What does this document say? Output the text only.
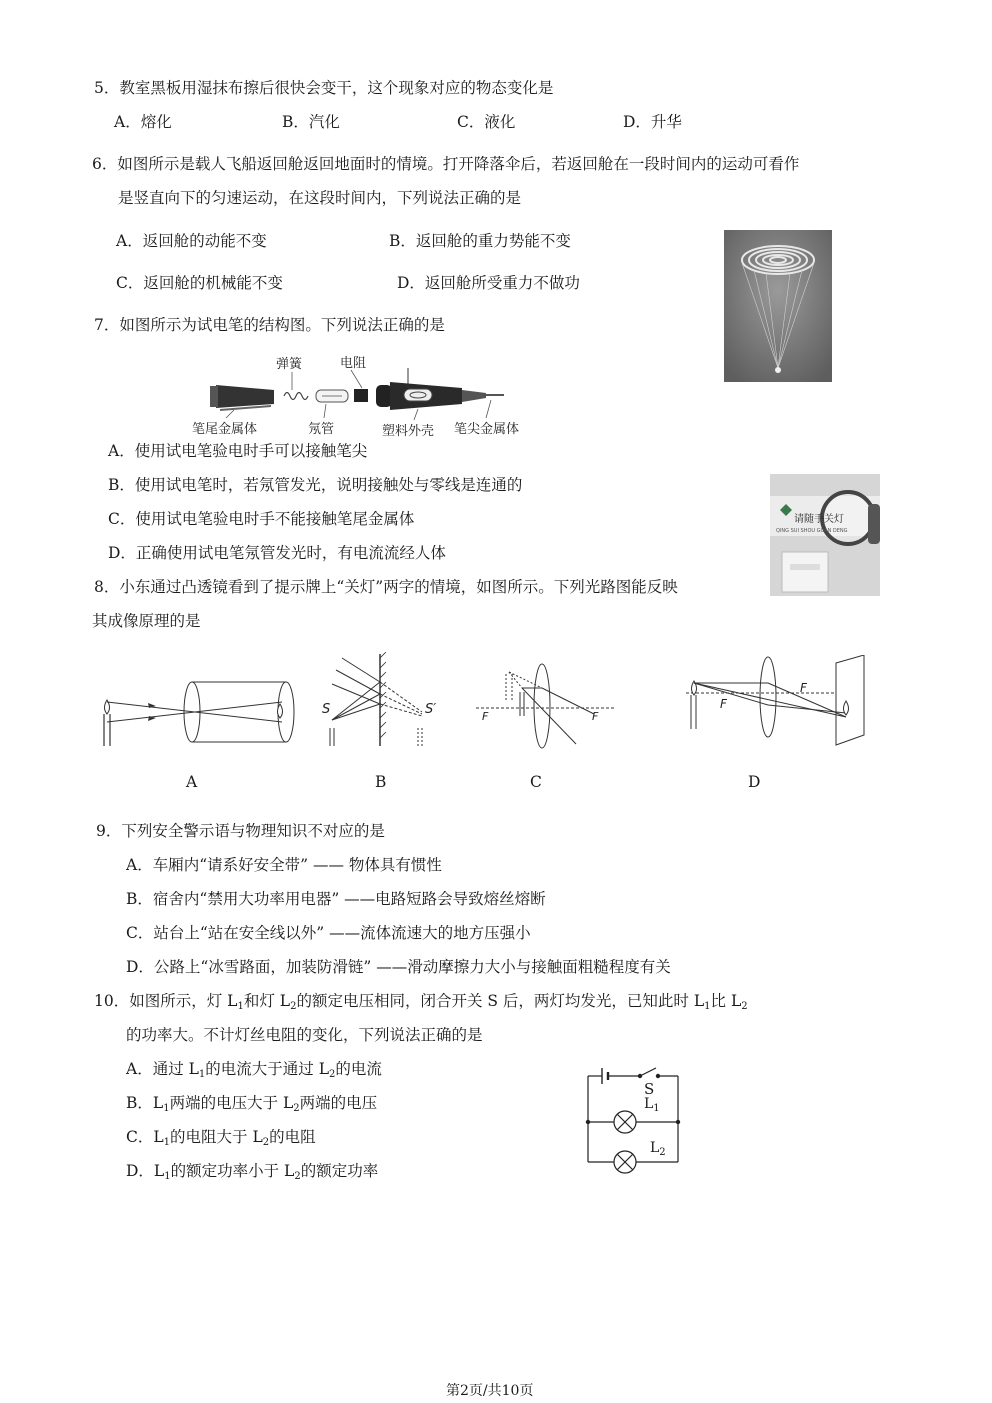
5．教室黑板用湿抹布擦后很快会变干，这个现象对应的物态变化是
A．熔化	B．汽化	C．液化	D．升华
6．如图所示是载人飞船返回舱返回地面时的情境。打开降落伞后，若返回舱在一段时间内的运动可看作
是竖直向下的匀速运动，在这段时间内，下列说法正确的是
A．返回舱的动能不变	B．返回舱的重力势能不变
C．返回舱的机械能不变	D．返回舱所受重力不做功
7．如图所示为试电笔的结构图。下列说法正确的是
弹簧	电阻
笔尾金属体	氖管	塑料外壳 笔尖金属体
A．使用试电笔验电时手可以接触笔尖
B．使用试电笔时，若氖管发光，说明接触处与零线是连通的
C．使用试电笔验电时手不能接触笔尾金属体
D．正确使用试电笔氖管发光时，有电流流经人体
请随手关灯
QING SUI SHOU GUAN DENG
8．小东通过凸透镜看到了提示牌上“关灯”两字的情境，如图所示。下列光路图能反映
其成像原理的是
S	S′	F	F
F
F
A	B	C	D
9．下列安全警示语与物理知识不对应的是
A．车厢内“请系好安全带” —— 物体具有惯性
B．宿舍内“禁用大功率用电器” ——电路短路会导致熔丝熔断
C．站台上“站在安全线以外” ——流体流速大的地方压强小
D．公路上“冰雪路面，加装防滑链” ——滑动摩擦力大小与接触面粗糙程度有关
10．如图所示，灯 $L_1$和灯 $L_2$的额定电压相同，闭合开关 S 后，两灯均发光，已知此时 $L_1$比 $L_2$
的功率大。不计灯丝电阻的变化，下列说法正确的是
A．通过 $L_1$的电流大于通过 $L_2$的电流
B．$L_1$两端的电压大于 $L_2$两端的电压
C．$L_1$的电阻大于 $L_2$的电阻
D．$L_1$的额定功率小于 $L_2$的额定功率
S
$L_1$
$L_2$
第2页/共10页
